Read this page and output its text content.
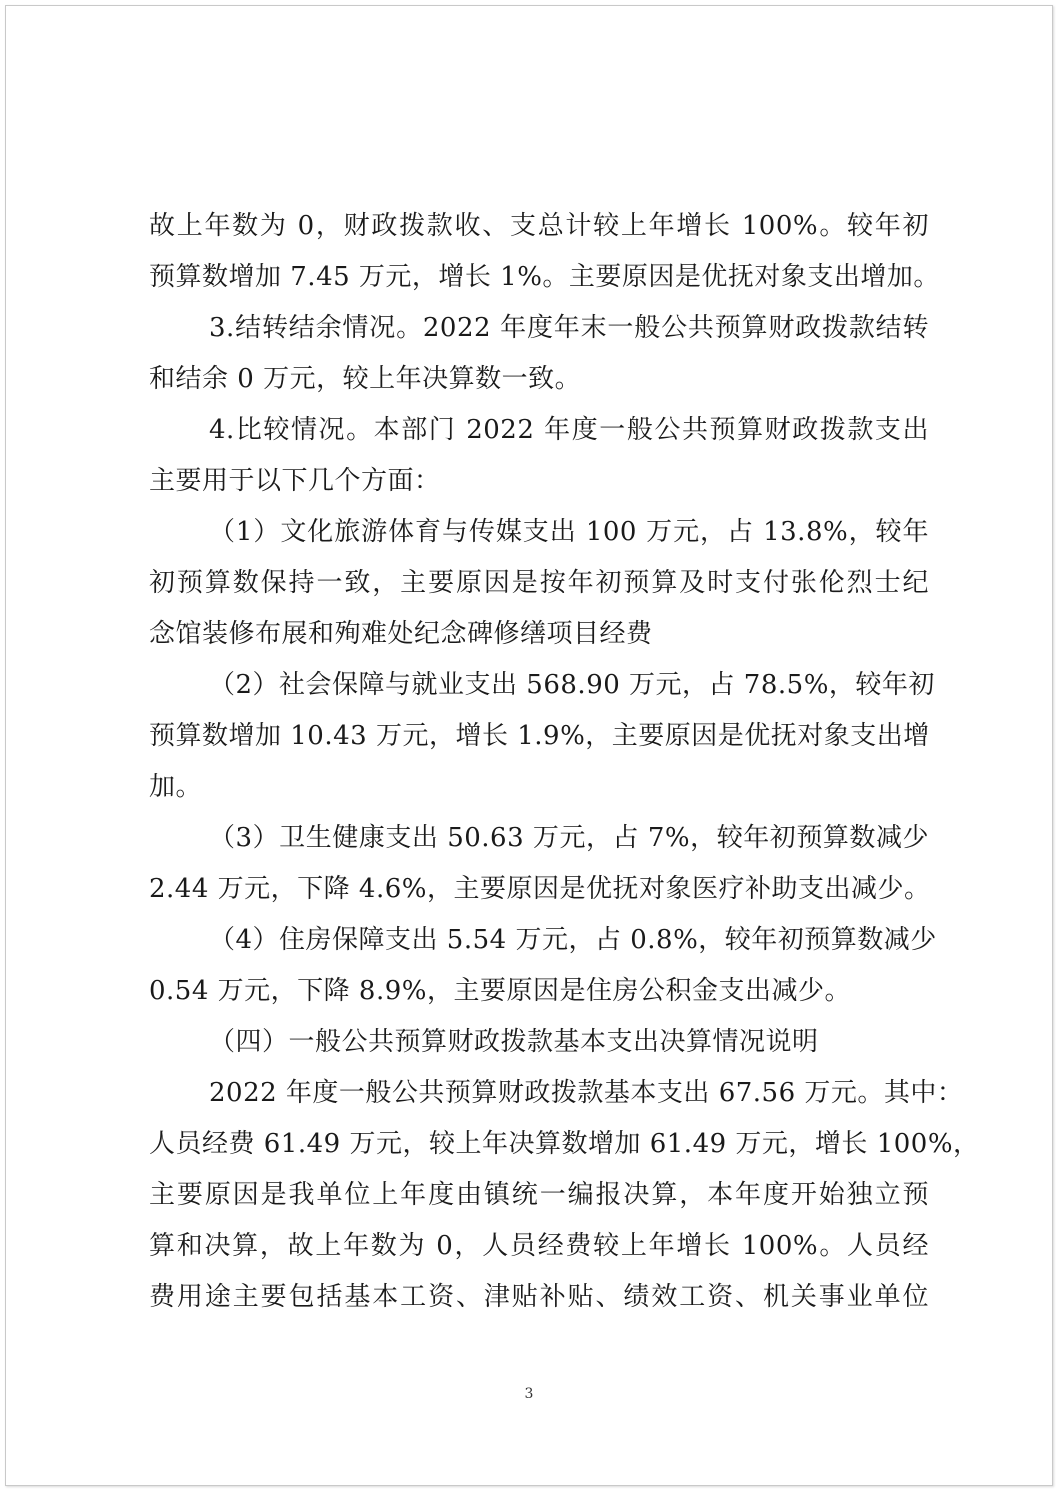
故上年数为 0，财政拨款收、支总计较上年增长 100%。较年初
预算数增加 7.45 万元，增长 1%。主要原因是优抚对象支出增加。
3.结转结余情况。2022 年度年末一般公共预算财政拨款结转
和结余 0 万元，较上年决算数一致。
4.比较情况。本部门 2022 年度一般公共预算财政拨款支出
主要用于以下几个方面：
（1）文化旅游体育与传媒支出 100 万元，占 13.8%，较年
初预算数保持一致，主要原因是按年初预算及时支付张伦烈士纪
念馆装修布展和殉难处纪念碑修缮项目经费
（2）社会保障与就业支出 568.90 万元，占 78.5%，较年初
预算数增加 10.43 万元，增长 1.9%，主要原因是优抚对象支出增
加。
（3）卫生健康支出 50.63 万元，占 7%，较年初预算数减少
2.44 万元，下降 4.6%，主要原因是优抚对象医疗补助支出减少。
（4）住房保障支出 5.54 万元，占 0.8%，较年初预算数减少
0.54 万元，下降 8.9%，主要原因是住房公积金支出减少。
（四）一般公共预算财政拨款基本支出决算情况说明
2022 年度一般公共预算财政拨款基本支出 67.56 万元。其中：
人员经费 61.49 万元，较上年决算数增加 61.49 万元，增长 100%，
主要原因是我单位上年度由镇统一编报决算，本年度开始独立预
算和决算，故上年数为 0，人员经费较上年增长 100%。人员经
费用途主要包括基本工资、津贴补贴、绩效工资、机关事业单位
3
